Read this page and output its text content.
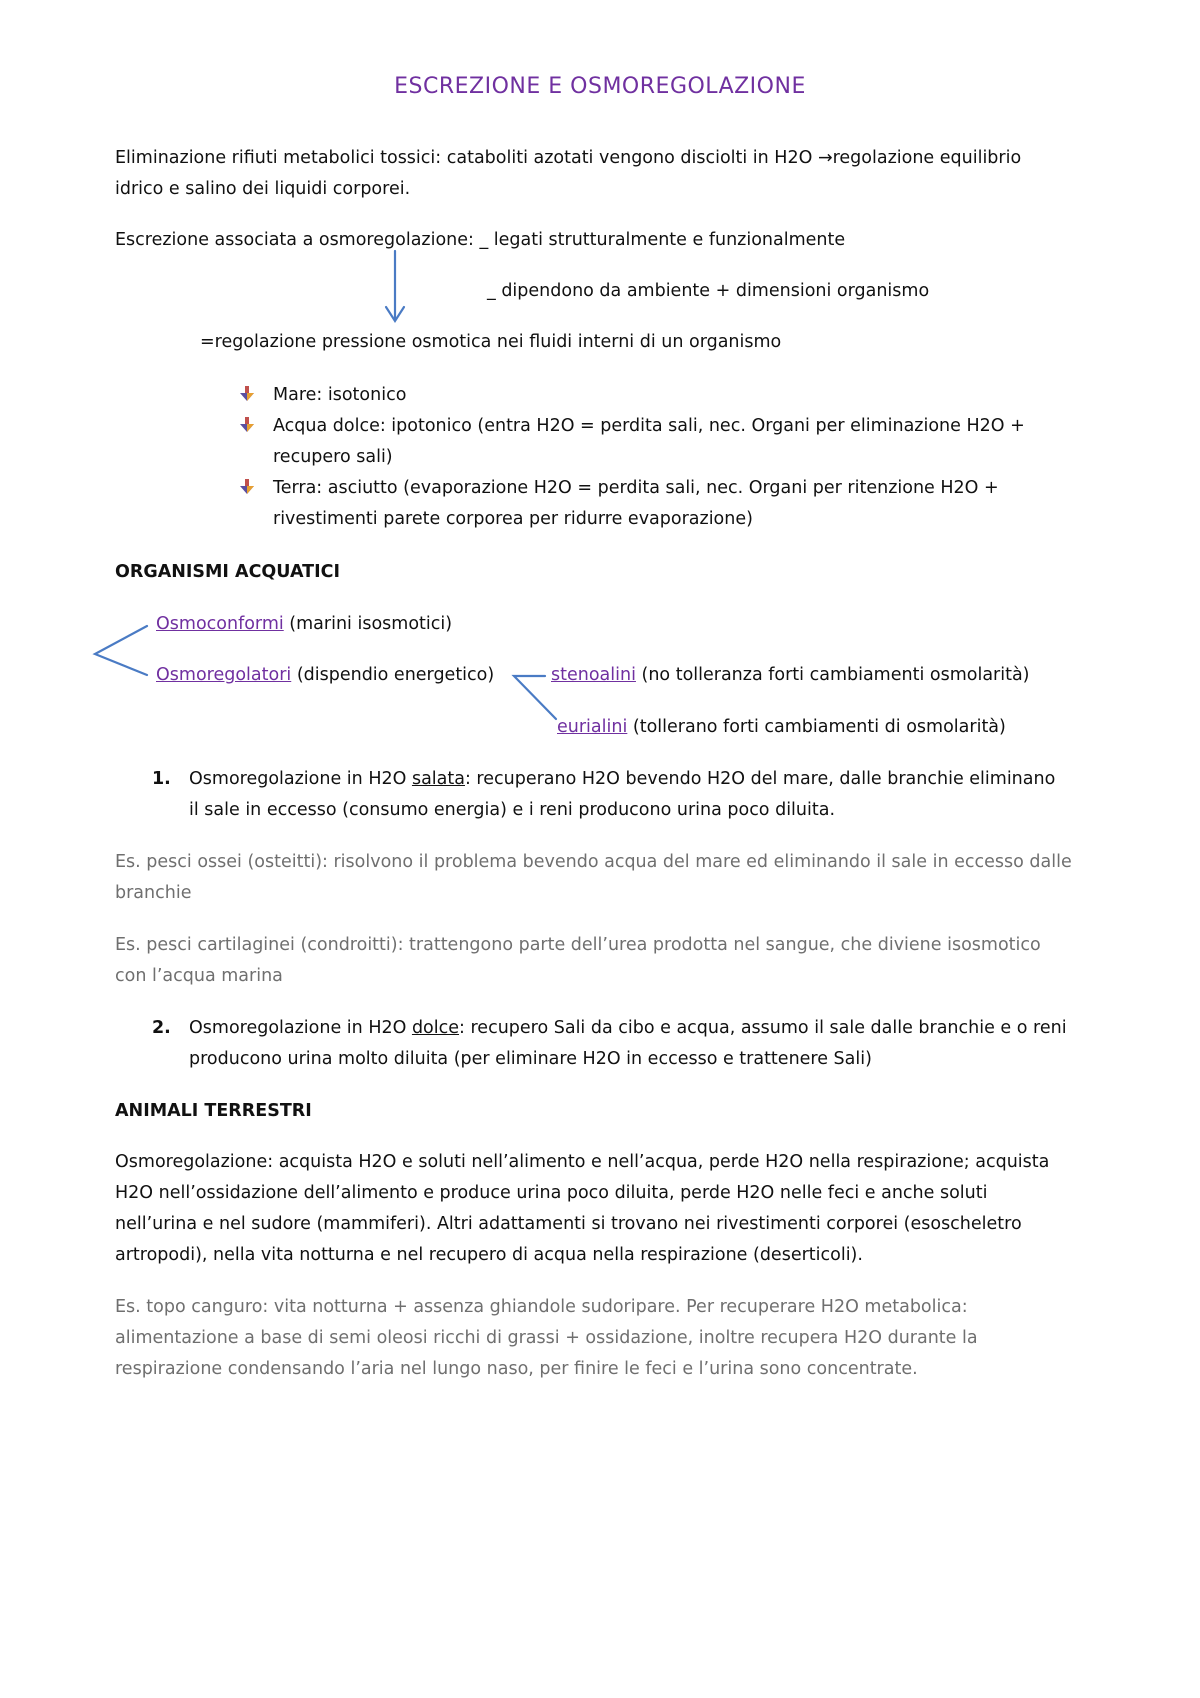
ESCREZIONE E OSMOREGOLAZIONE
Eliminazione rifiuti metabolici tossici: cataboliti azotati vengono disciolti in H2O →regolazione equilibrio
idrico e salino dei liquidi corporei.
Escrezione associata a osmoregolazione: _ legati strutturalmente e funzionalmente
_ dipendono da ambiente + dimensioni organismo
=regolazione pressione osmotica nei fluidi interni di un organismo
Mare: isotonico
Acqua dolce: ipotonico (entra H2O = perdita sali, nec. Organi per eliminazione H2O +
recupero sali)
Terra: asciutto (evaporazione H2O = perdita sali, nec. Organi per ritenzione H2O +
rivestimenti parete corporea per ridurre evaporazione)
ORGANISMI ACQUATICI
Osmoconformi (marini isosmotici)
Osmoregolatori (dispendio energetico)	stenoalini (no tolleranza forti cambiamenti osmolarità)
eurialini (tollerano forti cambiamenti di osmolarità)
1. Osmoregolazione in H2O salata: recuperano H2O bevendo H2O del mare, dalle branchie eliminano
il sale in eccesso (consumo energia) e i reni producono urina poco diluita.
Es. pesci ossei (osteitti): risolvono il problema bevendo acqua del mare ed eliminando il sale in eccesso dalle
branchie
Es. pesci cartilaginei (condroitti): trattengono parte dell’urea prodotta nel sangue, che diviene isosmotico
con l’acqua marina
2. Osmoregolazione in H2O dolce: recupero Sali da cibo e acqua, assumo il sale dalle branchie e o reni
producono urina molto diluita (per eliminare H2O in eccesso e trattenere Sali)
ANIMALI TERRESTRI
Osmoregolazione: acquista H2O e soluti nell’alimento e nell’acqua, perde H2O nella respirazione; acquista
H2O nell’ossidazione dell’alimento e produce urina poco diluita, perde H2O nelle feci e anche soluti
nell’urina e nel sudore (mammiferi). Altri adattamenti si trovano nei rivestimenti corporei (esoscheletro
artropodi), nella vita notturna e nel recupero di acqua nella respirazione (deserticoli).
Es. topo canguro: vita notturna + assenza ghiandole sudoripare. Per recuperare H2O metabolica:
alimentazione a base di semi oleosi ricchi di grassi + ossidazione, inoltre recupera H2O durante la
respirazione condensando l’aria nel lungo naso, per finire le feci e l’urina sono concentrate.
